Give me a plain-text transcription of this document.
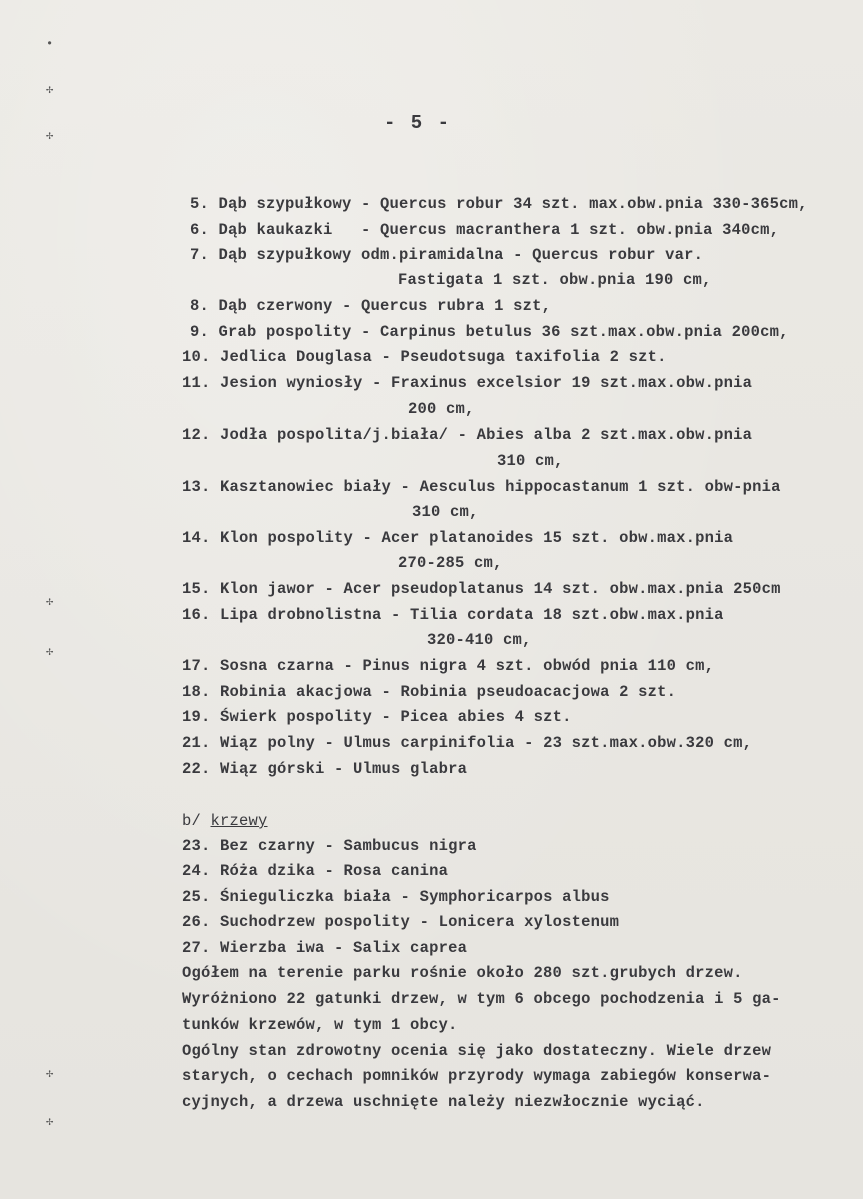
•
✢
✢
✢
✢
✢
✢
- 5 -
5. Dąb szypułkowy - Quercus robur 34 szt. max.obw.pnia 330-365cm,
6. Dąb kaukazki   - Quercus macranthera 1 szt. obw.pnia 340cm,
7. Dąb szypułkowy odm.piramidalna - Quercus robur var.
Fastigata 1 szt. obw.pnia 190 cm,
8. Dąb czerwony - Quercus rubra 1 szt,
9. Grab pospolity - Carpinus betulus 36 szt.max.obw.pnia 200cm,
10. Jedlica Douglasa - Pseudotsuga taxifolia 2 szt.
11. Jesion wyniosły - Fraxinus excelsior 19 szt.max.obw.pnia
200 cm,
12. Jodła pospolita/j.biała/ - Abies alba 2 szt.max.obw.pnia
310 cm,
13. Kasztanowiec biały - Aesculus hippocastanum 1 szt. obw-pnia
310 cm,
14. Klon pospolity - Acer platanoides 15 szt. obw.max.pnia
270-285 cm,
15. Klon jawor - Acer pseudoplatanus 14 szt. obw.max.pnia 250cm
16. Lipa drobnolistna - Tilia cordata 18 szt.obw.max.pnia
320-410 cm,
17. Sosna czarna - Pinus nigra 4 szt. obwód pnia 110 cm,
18. Robinia akacjowa - Robinia pseudoacacjowa 2 szt.
19. Świerk pospolity - Picea abies 4 szt.
21. Wiąz polny - Ulmus carpinifolia - 23 szt.max.obw.320 cm,
22. Wiąz górski - Ulmus glabra
b/ krzewy
23. Bez czarny - Sambucus nigra
24. Róża dzika - Rosa canina
25. Śnieguliczka biała - Symphoricarpos albus
26. Suchodrzew pospolity - Lonicera xylostenum
27. Wierzba iwa - Salix caprea
Ogółem na terenie parku rośnie około 280 szt.grubych drzew.
Wyróżniono 22 gatunki drzew, w tym 6 obcego pochodzenia i 5 ga-
tunków krzewów, w tym 1 obcy.
Ogólny stan zdrowotny ocenia się jako dostateczny. Wiele drzew
starych, o cechach pomników przyrody wymaga zabiegów konserwa-
cyjnych, a drzewa uschnięte należy niezwłocznie wyciąć.
